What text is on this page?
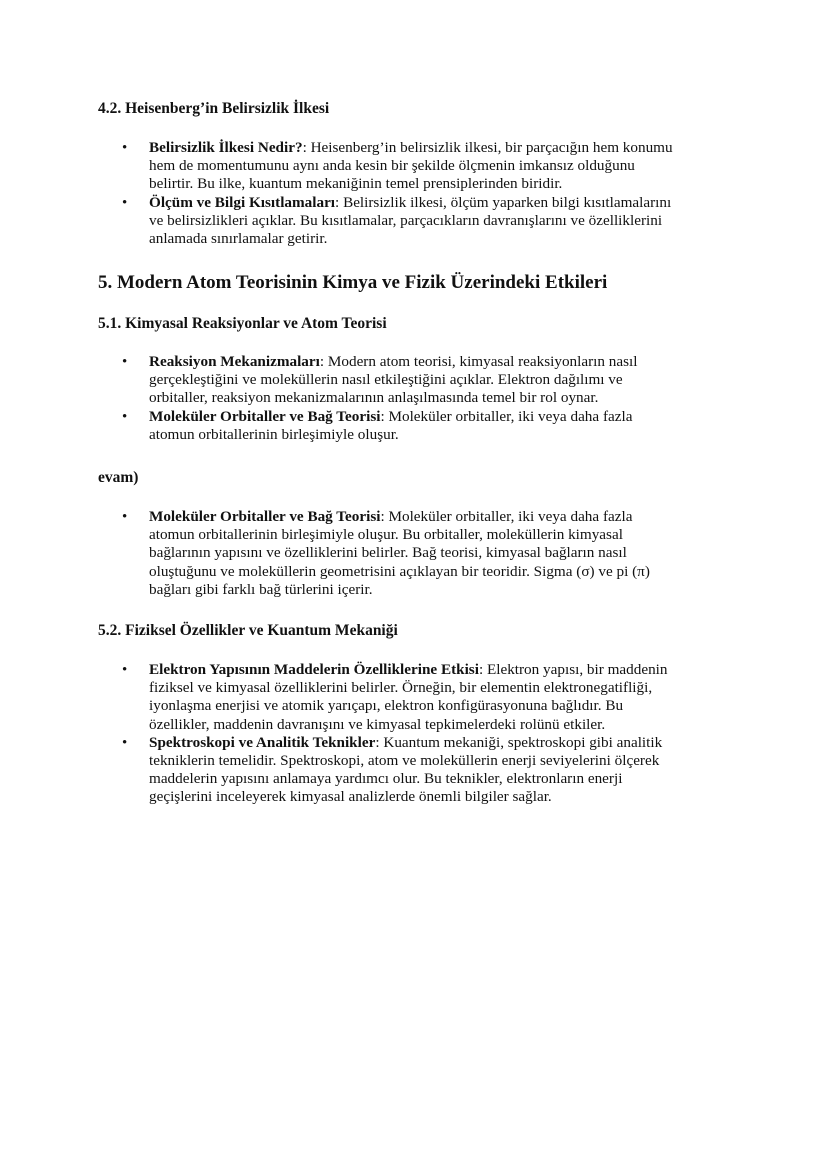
4.2. Heisenberg’in Belirsizlik İlkesi
• Belirsizlik İlkesi Nedir?: Heisenberg’in belirsizlik ilkesi, bir parçacığın hem konumu
hem de momentumunu aynı anda kesin bir şekilde ölçmenin imkansız olduğunu
belirtir. Bu ilke, kuantum mekaniğinin temel prensiplerinden biridir.
• Ölçüm ve Bilgi Kısıtlamaları: Belirsizlik ilkesi, ölçüm yaparken bilgi kısıtlamalarını
ve belirsizlikleri açıklar. Bu kısıtlamalar, parçacıkların davranışlarını ve özelliklerini
anlamada sınırlamalar getirir.
5. Modern Atom Teorisinin Kimya ve Fizik Üzerindeki Etkileri
5.1. Kimyasal Reaksiyonlar ve Atom Teorisi
• Reaksiyon Mekanizmaları: Modern atom teorisi, kimyasal reaksiyonların nasıl
gerçekleştiğini ve moleküllerin nasıl etkileştiğini açıklar. Elektron dağılımı ve
orbitaller, reaksiyon mekanizmalarının anlaşılmasında temel bir rol oynar.
• Moleküler Orbitaller ve Bağ Teorisi: Moleküler orbitaller, iki veya daha fazla
atomun orbitallerinin birleşimiyle oluşur.
evam)
• Moleküler Orbitaller ve Bağ Teorisi: Moleküler orbitaller, iki veya daha fazla
atomun orbitallerinin birleşimiyle oluşur. Bu orbitaller, moleküllerin kimyasal
bağlarının yapısını ve özelliklerini belirler. Bağ teorisi, kimyasal bağların nasıl
oluştuğunu ve moleküllerin geometrisini açıklayan bir teoridir. Sigma (σ) ve pi (π)
bağları gibi farklı bağ türlerini içerir.
5.2. Fiziksel Özellikler ve Kuantum Mekaniği
• Elektron Yapısının Maddelerin Özelliklerine Etkisi: Elektron yapısı, bir maddenin
fiziksel ve kimyasal özelliklerini belirler. Örneğin, bir elementin elektronegatifliği,
iyonlaşma enerjisi ve atomik yarıçapı, elektron konfigürasyonuna bağlıdır. Bu
özellikler, maddenin davranışını ve kimyasal tepkimelerdeki rolünü etkiler.
• Spektroskopi ve Analitik Teknikler: Kuantum mekaniği, spektroskopi gibi analitik
tekniklerin temelidir. Spektroskopi, atom ve moleküllerin enerji seviyelerini ölçerek
maddelerin yapısını anlamaya yardımcı olur. Bu teknikler, elektronların enerji
geçişlerini inceleyerek kimyasal analizlerde önemli bilgiler sağlar.
